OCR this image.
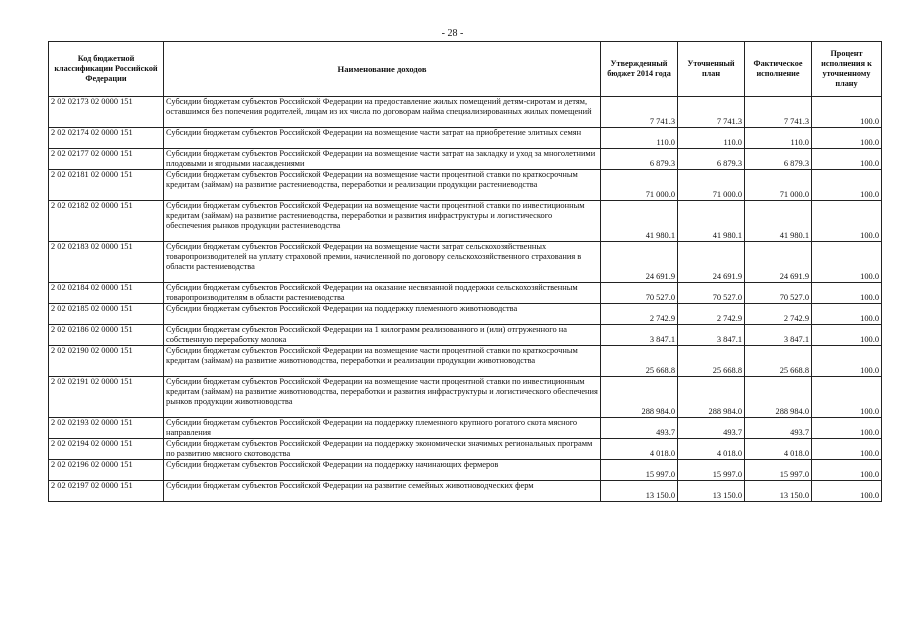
- 28 -
Код бюджетной классификации Российской Федерации	Наименование доходов	Утвержденный бюджет 2014 года	Уточненный план	Фактическое исполнение	Процент исполнения к уточненному плану
2 02 02173 02 0000 151	Субсидии бюджетам субъектов Российской Федерации на предоставление жилых помещений детям-сиротам и детям, оставшимся без попечения родителей, лицам из их числа по договорам найма специализированных жилых помещений	7 741.3	7 741.3	7 741.3	100.0
2 02 02174 02 0000 151	Субсидии бюджетам субъектов Российской Федерации на возмещение части затрат на приобретение элитных семян	110.0	110.0	110.0	100.0
2 02 02177 02 0000 151	Субсидии бюджетам субъектов Российской Федерации на возмещение части затрат на закладку и уход за многолетними плодовыми и ягодными насаждениями	6 879.3	6 879.3	6 879.3	100.0
2 02 02181 02 0000 151	Субсидии бюджетам субъектов Российской Федерации на возмещение части процентной ставки по краткосрочным кредитам (займам) на развитие растениеводства, переработки и реализации продукции растениеводства	71 000.0	71 000.0	71 000.0	100.0
2 02 02182 02 0000 151	Субсидии бюджетам субъектов Российской Федерации на возмещение части процентной ставки по инвестиционным кредитам (займам) на развитие растениеводства, переработки и развития инфраструктуры и логистического обеспечения рынков продукции растениеводства	41 980.1	41 980.1	41 980.1	100.0
2 02 02183 02 0000 151	Субсидии бюджетам субъектов Российской Федерации на возмещение части затрат сельскохозяйственных товаропроизводителей на уплату страховой премии, начисленной по договору сельскохозяйственного страхования в области растениеводства	24 691.9	24 691.9	24 691.9	100.0
2 02 02184 02 0000 151	Субсидии бюджетам субъектов Российской Федерации на оказание несвязанной поддержки сельскохозяйственным товаропроизводителям в области растениеводства	70 527.0	70 527.0	70 527.0	100.0
2 02 02185 02 0000 151	Субсидии бюджетам субъектов Российской Федерации на поддержку племенного животноводства	2 742.9	2 742.9	2 742.9	100.0
2 02 02186 02 0000 151	Субсидии бюджетам субъектов Российской Федерации на 1 килограмм реализованного и (или) отгруженного на собственную переработку молока	3 847.1	3 847.1	3 847.1	100.0
2 02 02190 02 0000 151	Субсидии бюджетам субъектов Российской Федерации на возмещение части процентной ставки по краткосрочным кредитам (займам) на развитие животноводства, переработки и реализации продукции животноводства	25 668.8	25 668.8	25 668.8	100.0
2 02 02191 02 0000 151	Субсидии бюджетам субъектов Российской Федерации на возмещение части процентной ставки по инвестиционным кредитам (займам) на развитие животноводства, переработки и развития инфраструктуры и логистического обеспечения рынков продукции животноводства	288 984.0	288 984.0	288 984.0	100.0
2 02 02193 02 0000 151	Субсидии бюджетам субъектов Российской Федерации на поддержку племенного крупного рогатого скота мясного направления	493.7	493.7	493.7	100.0
2 02 02194 02 0000 151	Субсидии бюджетам субъектов Российской Федерации на поддержку экономически значимых региональных программ по развитию мясного скотоводства	4 018.0	4 018.0	4 018.0	100.0
2 02 02196 02 0000 151	Субсидии бюджетам субъектов Российской Федерации на поддержку начинающих фермеров	15 997.0	15 997.0	15 997.0	100.0
2 02 02197 02 0000 151	Субсидии бюджетам субъектов Российской Федерации на развитие семейных животноводческих ферм	13 150.0	13 150.0	13 150.0	100.0
